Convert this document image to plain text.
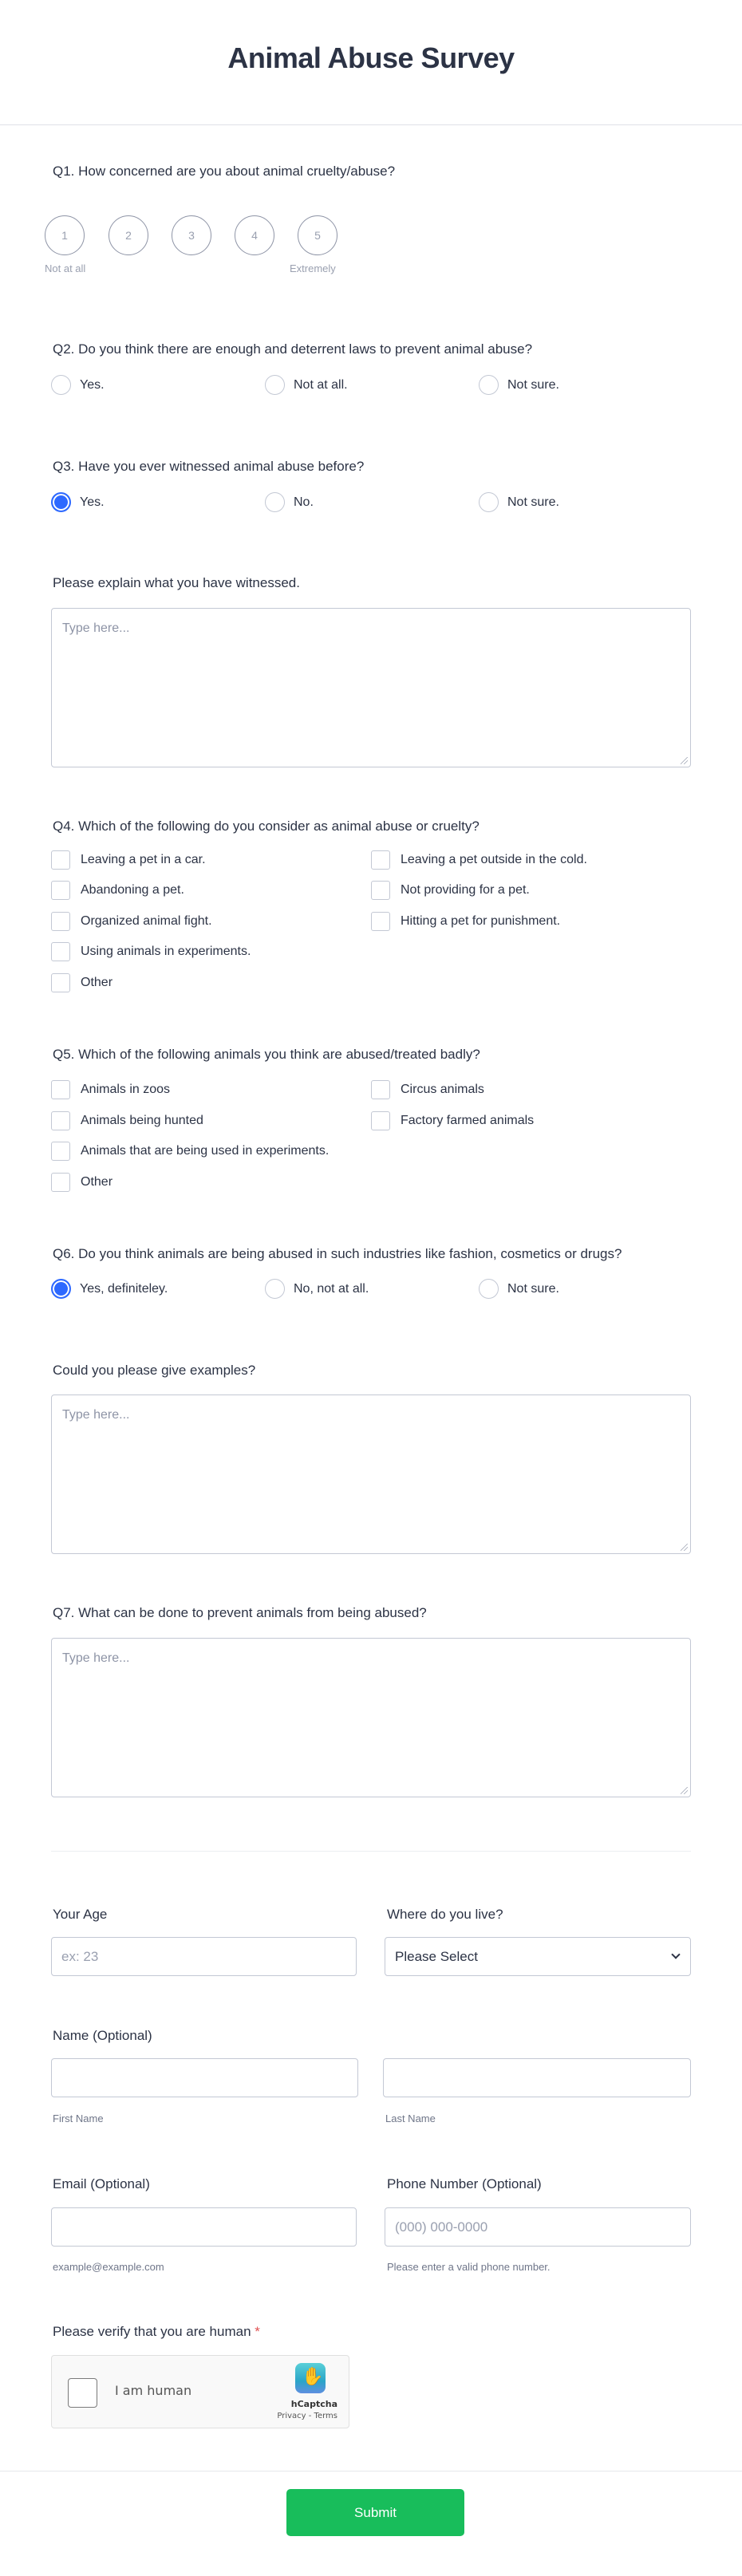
Animal Abuse Survey
Q1. How concerned are you about animal cruelty/abuse?
1	2	3	4	5
Not at all	Extremely
Q2. Do you think there are enough and deterrent laws to prevent animal abuse?
Yes.	Not at all.	Not sure.
Q3. Have you ever witnessed animal abuse before?
Yes.	No.	Not sure.
Please explain what you have witnessed.
Type here...
Q4. Which of the following do you consider as animal abuse or cruelty?
Leaving a pet in a car.	Leaving a pet outside in the cold.
Abandoning a pet.	Not providing for a pet.
Organized animal fight.	Hitting a pet for punishment.
Using animals in experiments.
Other
Q5. Which of the following animals you think are abused/treated badly?
Animals in zoos	Circus animals
Animals being hunted	Factory farmed animals
Animals that are being used in experiments.
Other
Q6. Do you think animals are being abused in such industries like fashion, cosmetics or drugs?
Yes, definiteley.	No, not at all.	Not sure.
Could you please give examples?
Type here...
Q7. What can be done to prevent animals from being abused?
Type here...
Your Age
ex: 23
Where do you live?
Please Select
Name (Optional)
First Name	Last Name
Email (Optional)
example@example.com
Phone Number (Optional)
(000) 000-0000
Please enter a valid phone number.
Please verify that you are human *
I am human
✋
hCaptcha
Privacy - Terms
Submit
